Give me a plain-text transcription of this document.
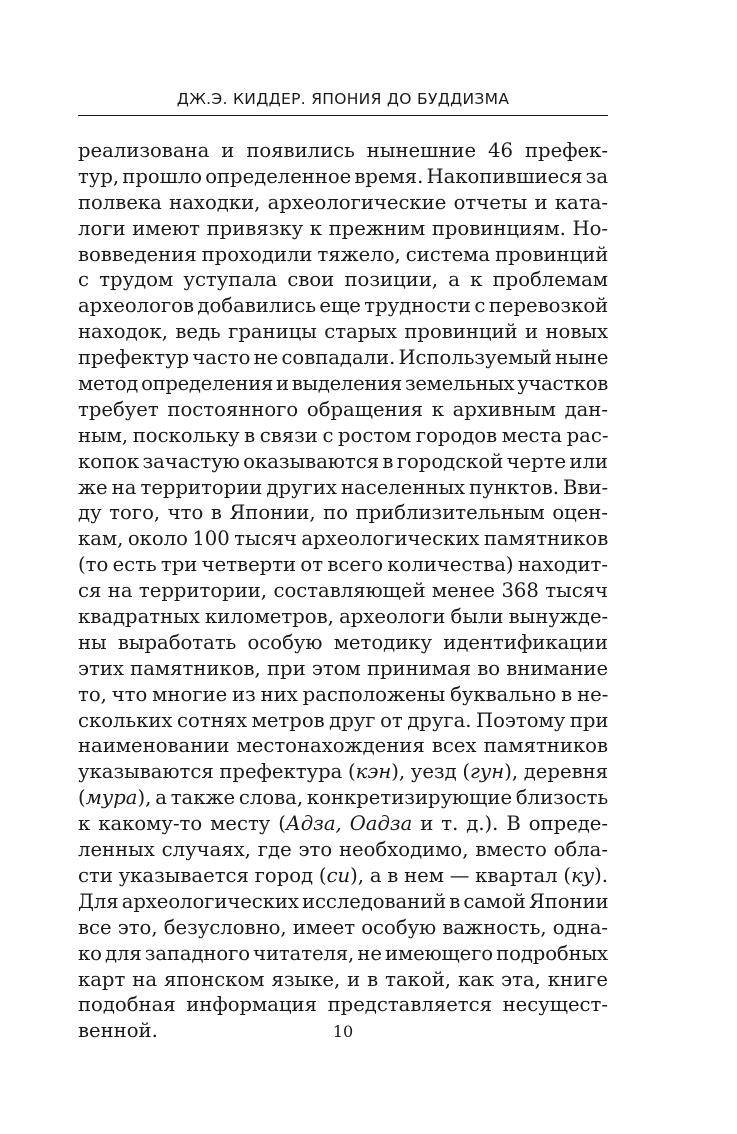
ДЖ.Э. КИДДЕР. ЯПОНИЯ ДО БУДДИЗМА
реализована и появились нынешние 46 префек-
тур, прошло определенное время. Накопившиеся за
полвека находки, археологические отчеты и ката-
логи имеют привязку к прежним провинциям. Но-
вовведения проходили тяжело, система провинций
с трудом уступала свои позиции, а к проблемам
археологов добавились еще трудности с перевозкой
находок, ведь границы старых провинций и новых
префектур часто не совпадали. Используемый ныне
метод определения и выделения земельных участков
требует постоянного обращения к архивным дан-
ным, поскольку в связи с ростом городов места рас-
копок зачастую оказываются в городской черте или
же на территории других населенных пунктов. Вви-
ду того, что в Японии, по приблизительным оцен-
кам, около 100 тысяч археологических памятников
(то есть три четверти от всего количества) находит-
ся на территории, составляющей менее 368 тысяч
квадратных километров, археологи были вынужде-
ны выработать особую методику идентификации
этих памятников, при этом принимая во внимание
то, что многие из них расположены буквально в не-
скольких сотнях метров друг от друга. Поэтому при
наименовании местонахождения всех памятников
указываются префектура (кэн), уезд (гун), деревня
(мура), а также слова, конкретизирующие близость
к какому-то месту (Адза, Оадза и т. д.). В опреде-
ленных случаях, где это необходимо, вместо обла-
сти указывается город (си), а в нем — квартал (ку).
Для археологических исследований в самой Японии
все это, безусловно, имеет особую важность, одна-
ко для западного читателя, не имеющего подробных
карт на японском языке, и в такой, как эта, книге
подобная информация представляется несущест-
венной.	10
